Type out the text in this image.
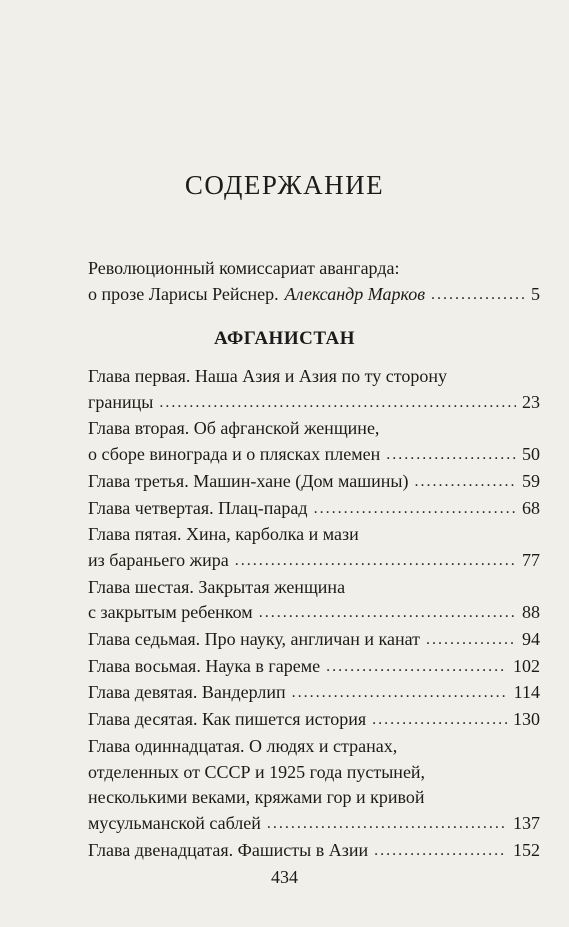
СОДЕРЖАНИЕ
Революционный комиссариат авангарда:
о прозе Ларисы Рейснер. Александр Марков .....	5
АФГАНИСТАН
Глава первая. Наша Азия и Азия по ту сторону
границы .....	23
Глава вторая. Об афганской женщине,
о сборе винограда и о плясках племен .....	50
Глава третья. Машин-хане (Дом машины) .....	59
Глава четвертая. Плац-парад .....	68
Глава пятая. Хина, карболка и мази
из бараньего жира .....	77
Глава шестая. Закрытая женщина
с закрытым ребенком .....	88
Глава седьмая. Про науку, англичан и канат .....	94
Глава восьмая. Наука в гареме .....	102
Глава девятая. Вандерлип .....	114
Глава десятая. Как пишется история .....	130
Глава одиннадцатая. О людях и странах,
отделенных от СССР и 1925 года пустыней,
несколькими веками, кряжами гор и кривой
мусульманской саблей .....	137
Глава двенадцатая. Фашисты в Азии .....	152
434
